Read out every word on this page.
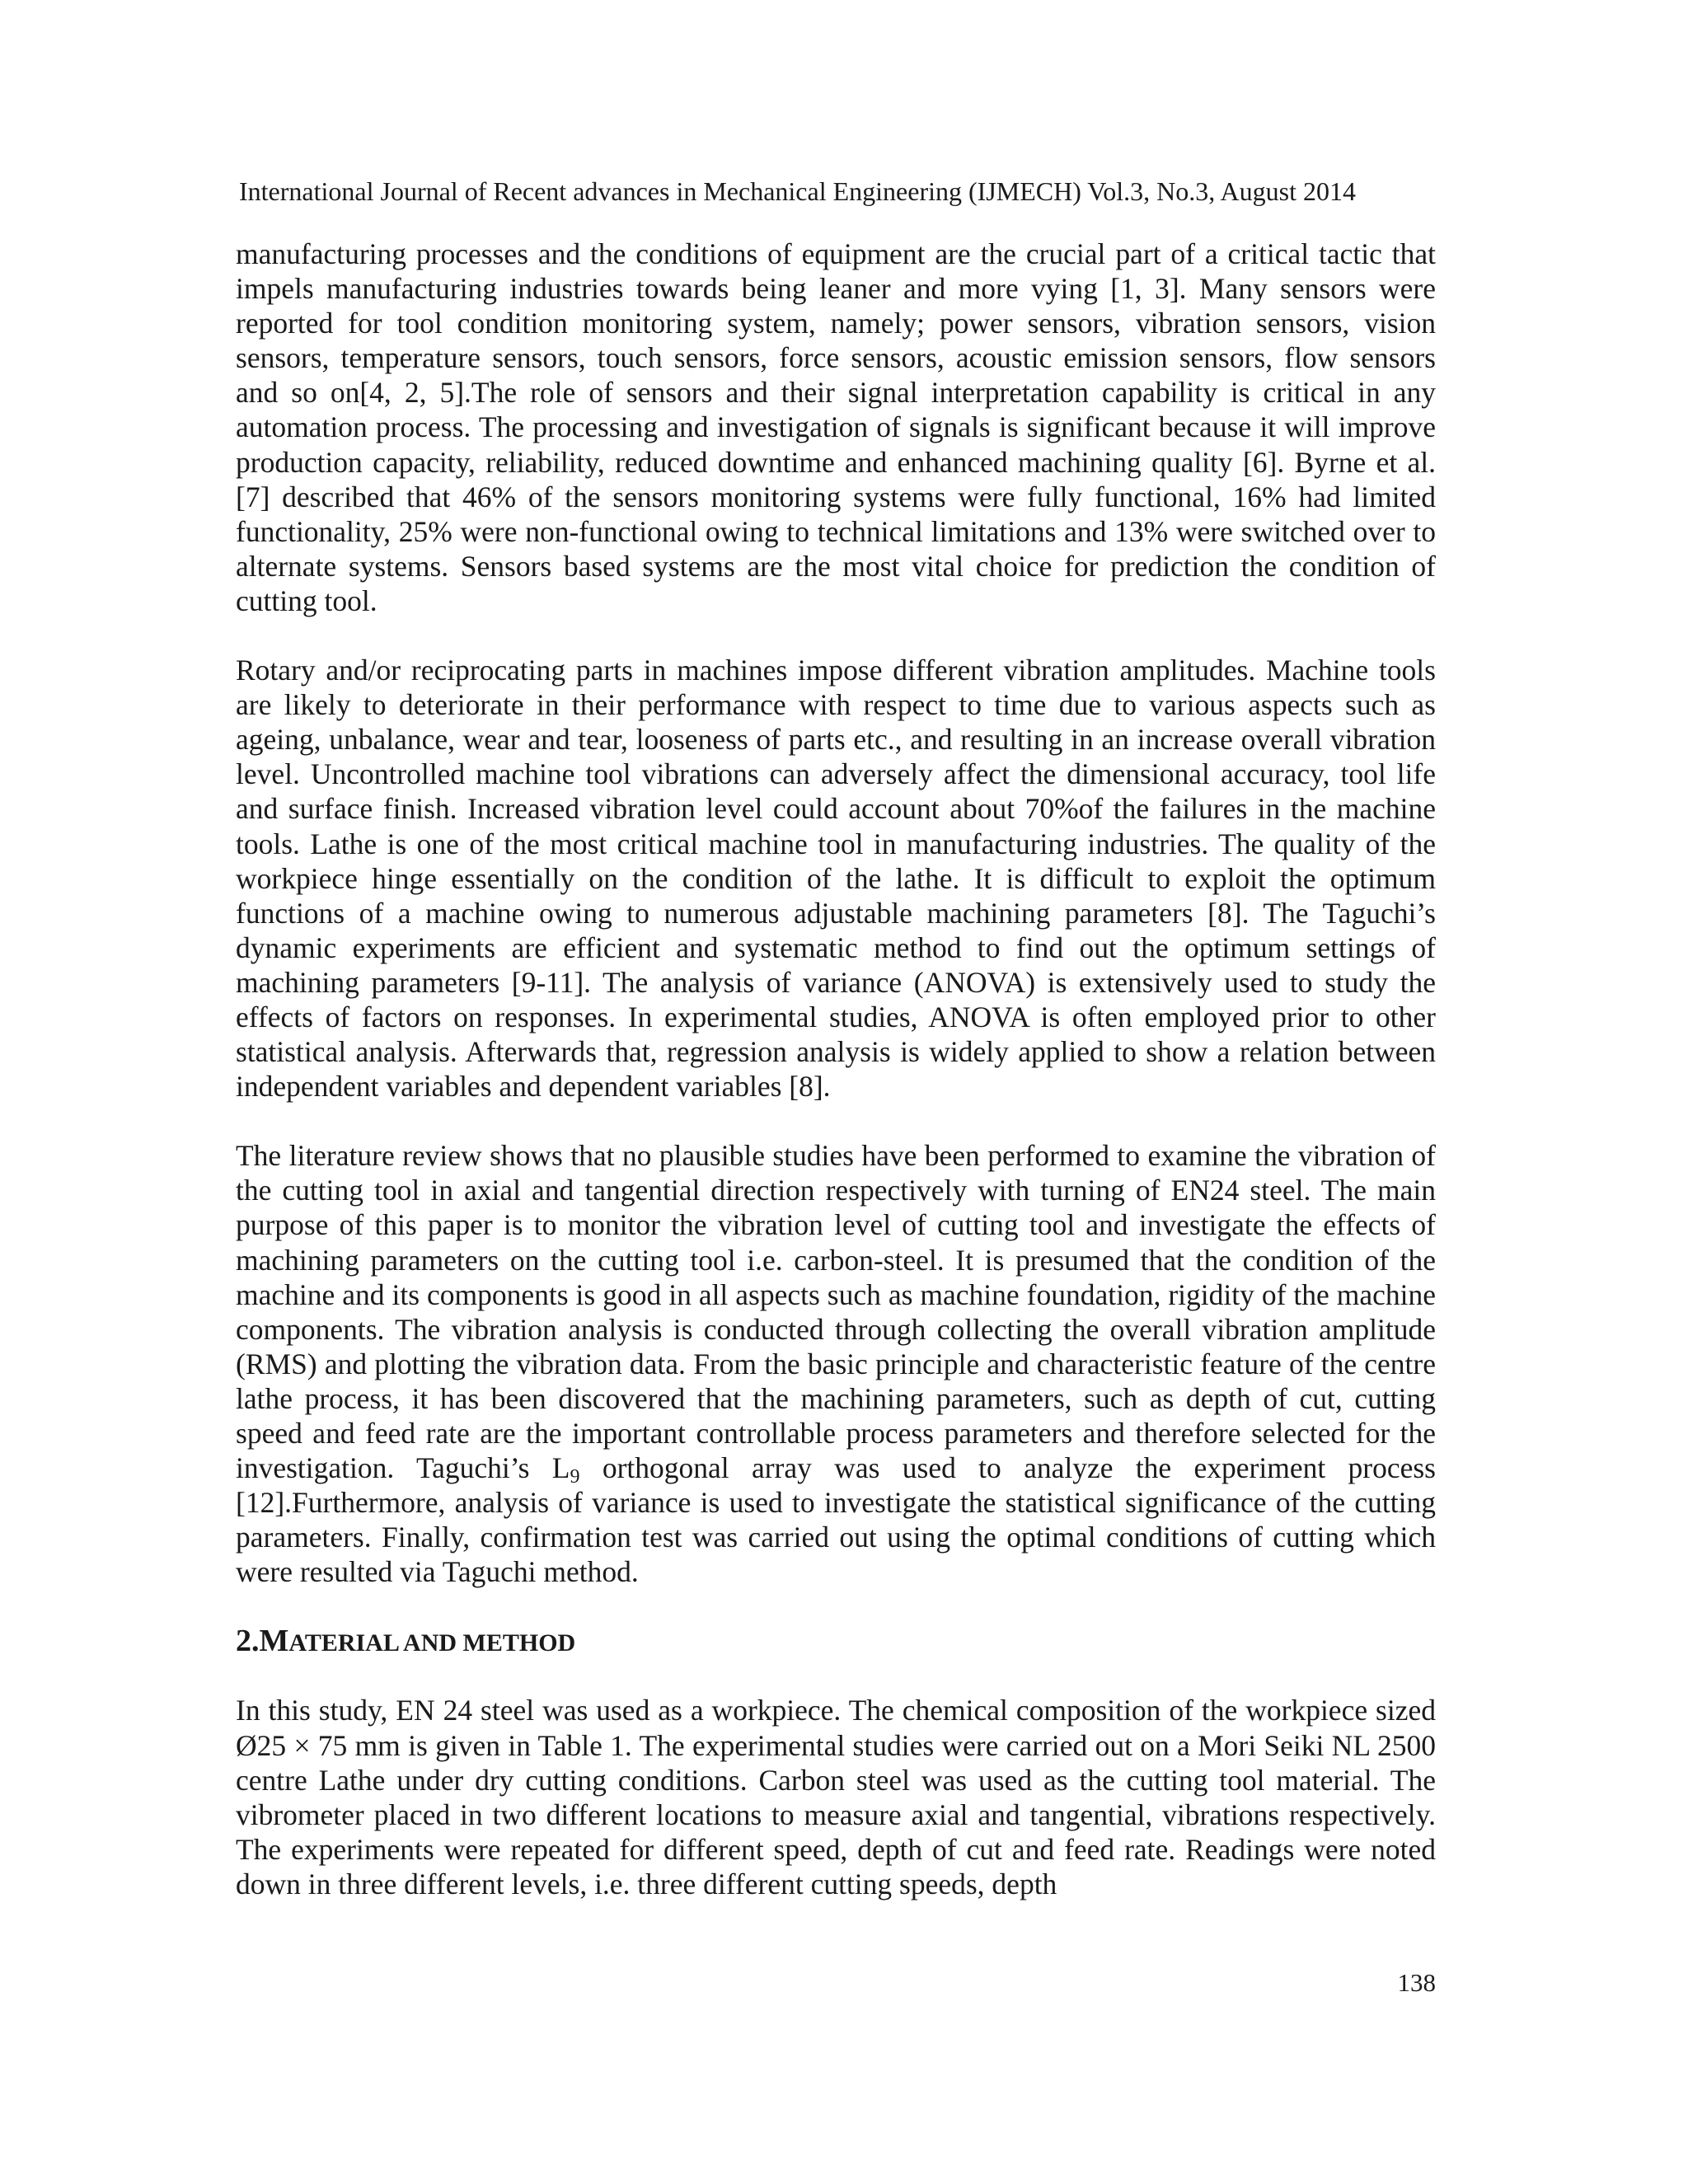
International Journal of Recent advances in Mechanical Engineering (IJMECH) Vol.3, No.3, August 2014

manufacturing processes and the conditions of equipment are the crucial part of a critical tactic that impels manufacturing industries towards being leaner and more vying [1, 3]. Many sensors were reported for tool condition monitoring system, namely; power sensors, vibration sensors, vision sensors, temperature sensors, touch sensors, force sensors, acoustic emission sensors, flow sensors and so on[4, 2, 5].The role of sensors and their signal interpretation capability is critical in any automation process. The processing and investigation of signals is significant because it will improve production capacity, reliability, reduced downtime and enhanced machining quality [6]. Byrne et al. [7] described that 46% of the sensors monitoring systems were fully functional, 16% had limited functionality, 25% were non-functional owing to technical limitations and 13% were switched over to alternate systems. Sensors based systems are the most vital choice for prediction the condition of cutting tool.

Rotary and/or reciprocating parts in machines impose different vibration amplitudes. Machine tools are likely to deteriorate in their performance with respect to time due to various aspects such as ageing, unbalance, wear and tear, looseness of parts etc., and resulting in an increase overall vibration level. Uncontrolled machine tool vibrations can adversely affect the dimensional accuracy, tool life and surface finish. Increased vibration level could account about 70%of the failures in the machine tools. Lathe is one of the most critical machine tool in manufacturing industries. The quality of the workpiece hinge essentially on the condition of the lathe. It is difficult to exploit the optimum functions of a machine owing to numerous adjustable machining parameters [8]. The Taguchi’s dynamic experiments are efficient and systematic method to find out the optimum settings of machining parameters [9-11]. The analysis of variance (ANOVA) is extensively used to study the effects of factors on responses. In experimental studies, ANOVA is often employed prior to other statistical analysis. Afterwards that, regression analysis is widely applied to show a relation between independent variables and dependent variables [8].

The literature review shows that no plausible studies have been performed to examine the vibration of the cutting tool in axial and tangential direction respectively with turning of EN24 steel. The main purpose of this paper is to monitor the vibration level of cutting tool and investigate the effects of machining parameters on the cutting tool i.e. carbon-steel. It is presumed that the condition of the machine and its components is good in all aspects such as machine foundation, rigidity of the machine components. The vibration analysis is conducted through collecting the overall vibration amplitude (RMS) and plotting the vibration data. From the basic principle and characteristic feature of the centre lathe process, it has been discovered that the machining parameters, such as depth of cut, cutting speed and feed rate are the important controllable process parameters and therefore selected for the investigation. Taguchi’s $L_9$ orthogonal array was used to analyze the experiment process [12].Furthermore, analysis of variance is used to investigate the statistical significance of the cutting parameters. Finally, confirmation test was carried out using the optimal conditions of cutting which were resulted via Taguchi method.

2.MATERIAL AND METHOD

In this study, EN 24 steel was used as a workpiece. The chemical composition of the workpiece sized Ø25 × 75 mm is given in Table 1. The experimental studies were carried out on a Mori Seiki NL 2500 centre Lathe under dry cutting conditions. Carbon steel was used as the cutting tool material. The vibrometer placed in two different locations to measure axial and tangential, vibrations respectively. The experiments were repeated for different speed, depth of cut and feed rate. Readings were noted down in three different levels, i.e. three different cutting speeds, depth

138
